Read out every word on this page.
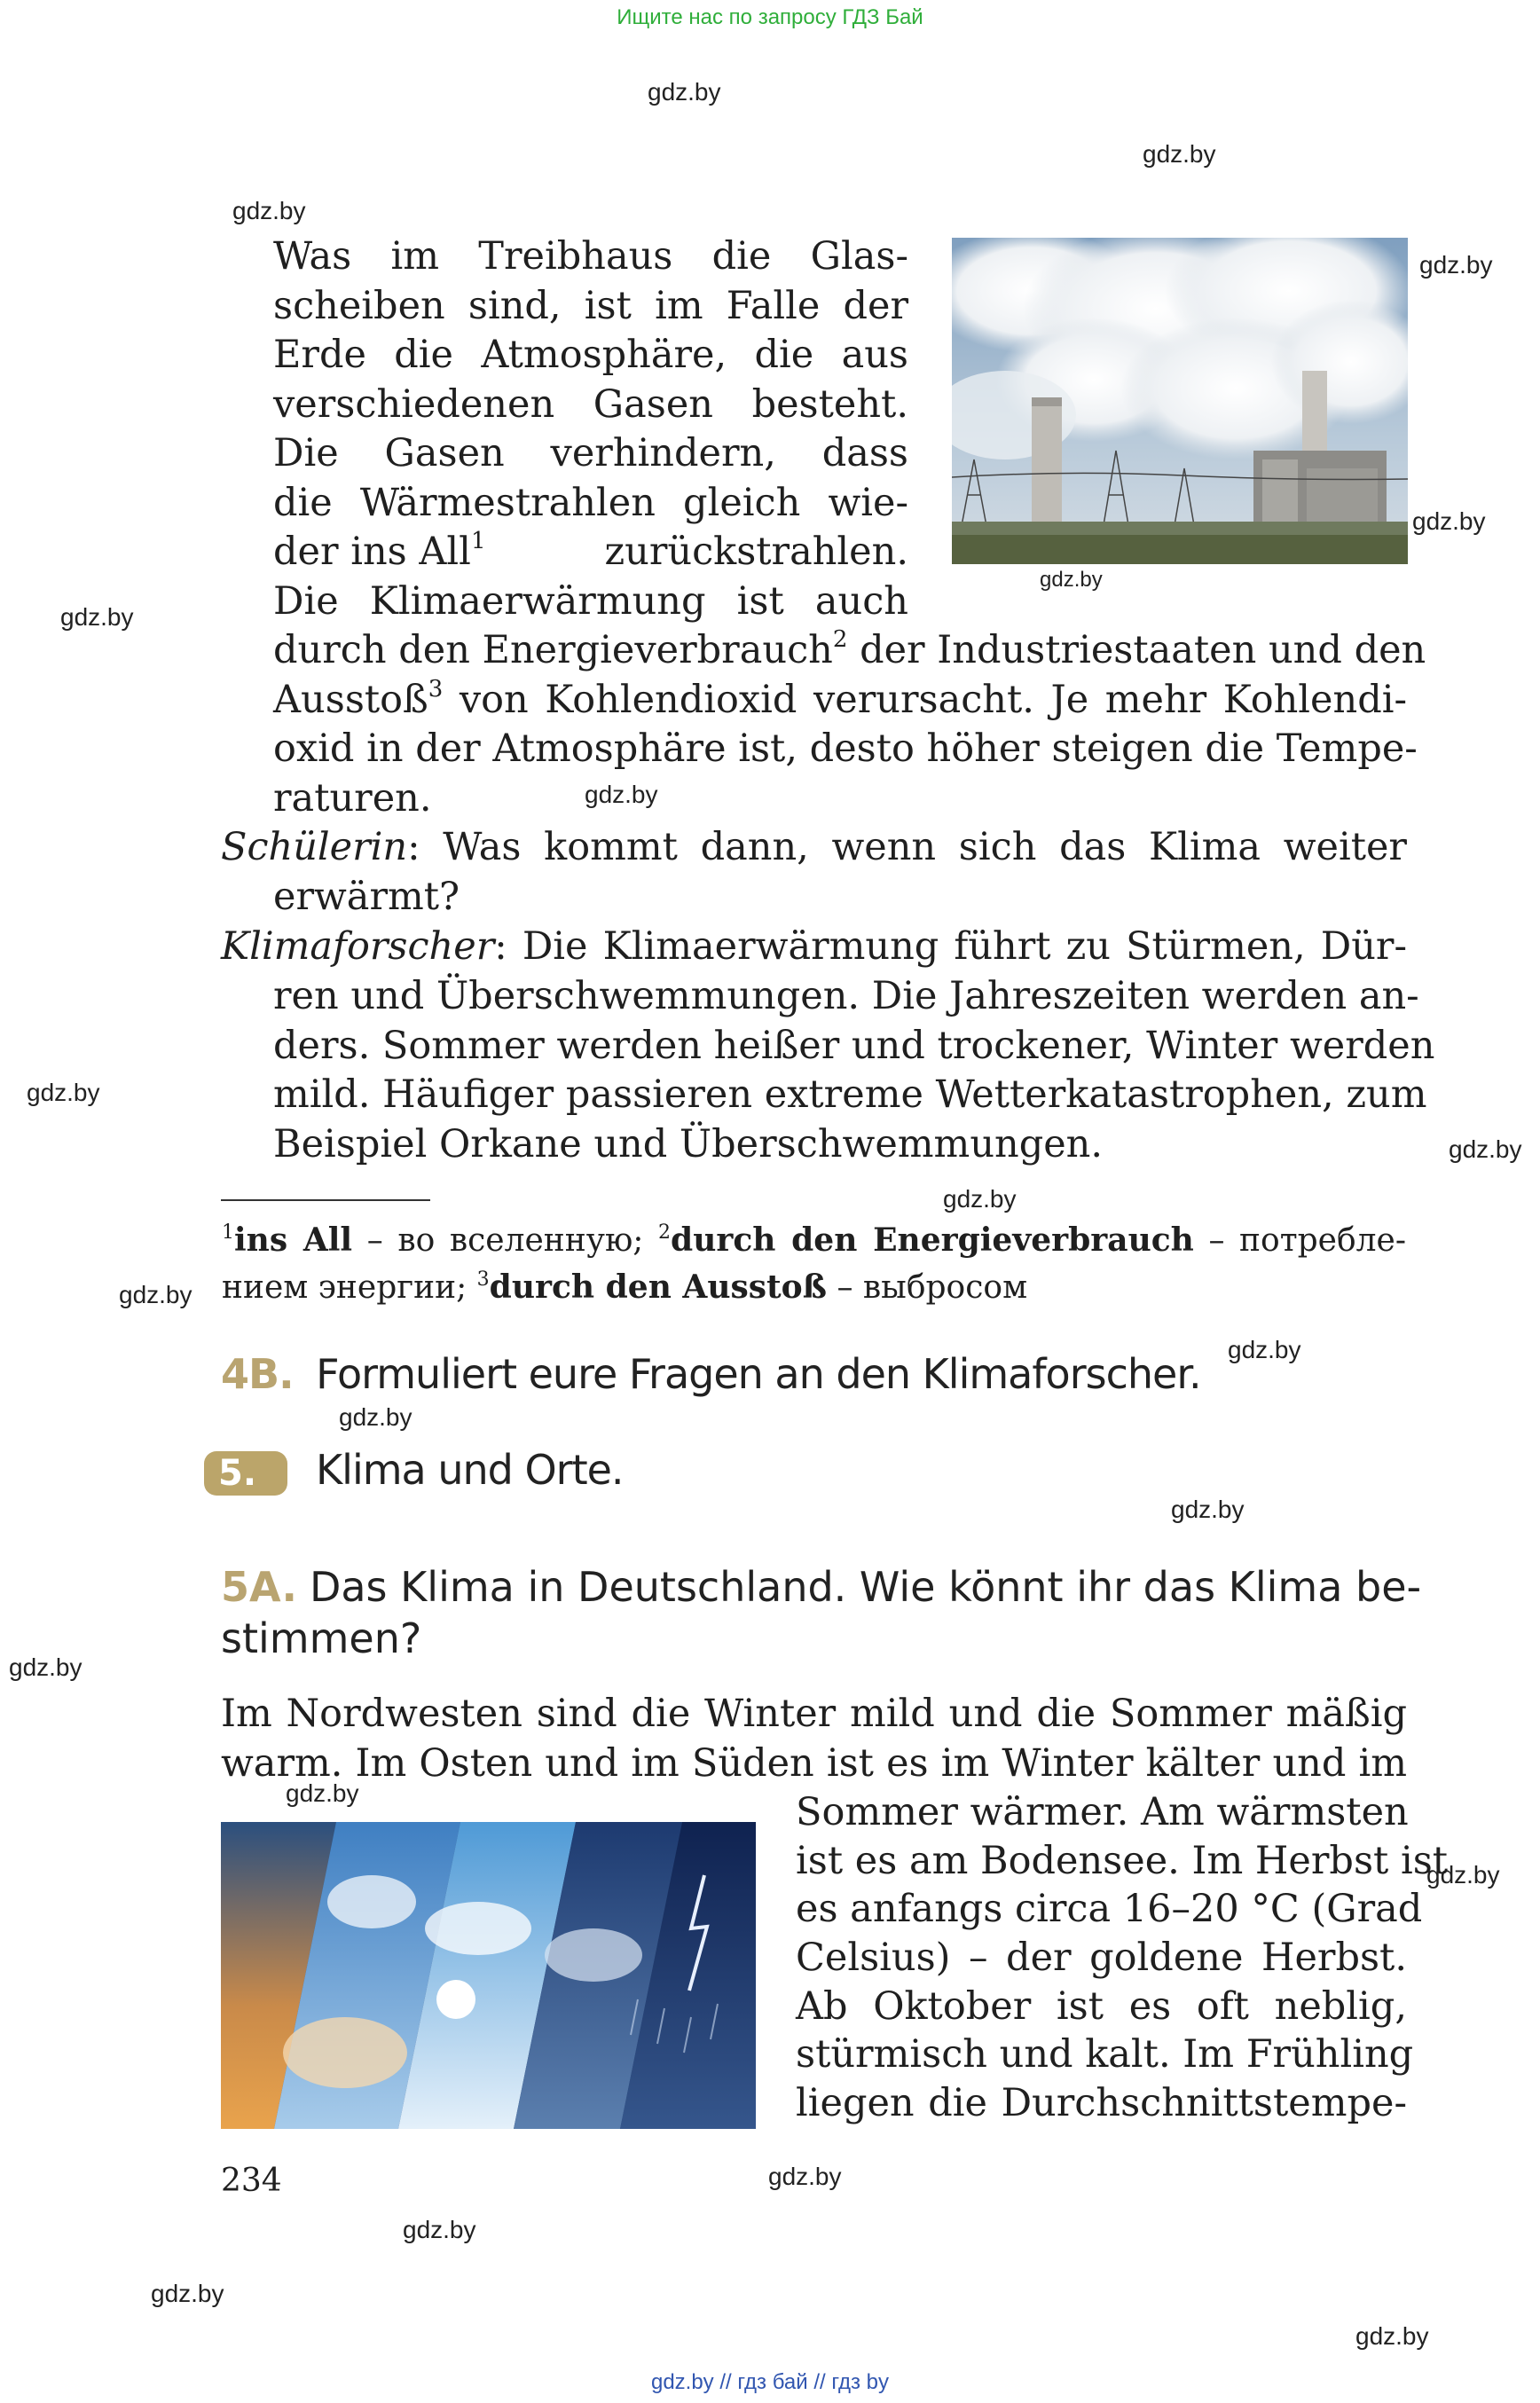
Ищите нас по запросу ГДЗ Бай
gdz.by
gdz.by
gdz.by
gdz.by
gdz.by
gdz.by
gdz.by
gdz.by
gdz.by
gdz.by
gdz.by
gdz.by
gdz.by
gdz.by
gdz.by
gdz.by
gdz.by
gdz.by
gdz.by
gdz.by
gdz.by
gdz.by
Was im Treibhaus die Glas-
scheiben sind, ist im Falle der
Erde die Atmosphäre, die aus
verschiedenen Gasen besteht.
Die Gasen verhindern, dass
die Wärmestrahlen gleich wie-
der ins All$^1$	zurückstrahlen.
Die Klimaerwärmung ist auch
durch den Energieverbrauch$^2$ der Industriestaaten und den
Ausstoß$^3$ von Kohlendioxid verursacht. Je mehr Kohlendi-
oxid in der Atmosphäre ist, desto höher steigen die Tempe-
raturen.
Schülerin: Was kommt dann, wenn sich das Klima weiter
erwärmt?
Klimaforscher: Die Klimaerwärmung führt zu Stürmen, Dür-
ren und Überschwemmungen. Die Jahreszeiten werden an-
ders. Sommer werden heißer und trockener, Winter werden
mild. Häufiger passieren extreme Wetterkatastrophen, zum
Beispiel Orkane und Überschwemmungen.
$^1$ins All – во вселенную; $^2$durch den Energieverbrauch – потребле-
нием энергии; $^3$durch den Ausstoß – выбросом
4B. Formuliert eure Fragen an den Klimaforscher.
5.	Klima und Orte.
5A. Das Klima in Deutschland. Wie könnt ihr das Klima be-
stimmen?
Im Nordwesten sind die Winter mild und die Sommer mäßig
warm. Im Osten und im Süden ist es im Winter kälter und im
Sommer wärmer. Am wärmsten
ist es am Bodensee. Im Herbst ist
es anfangs circa 16–20 °C (Grad
Celsius) – der goldene Herbst.
Ab Oktober ist es oft neblig,
stürmisch und kalt. Im Frühling
liegen die Durchschnittstempe-
234
gdz.by // гдз бай // гдз by
